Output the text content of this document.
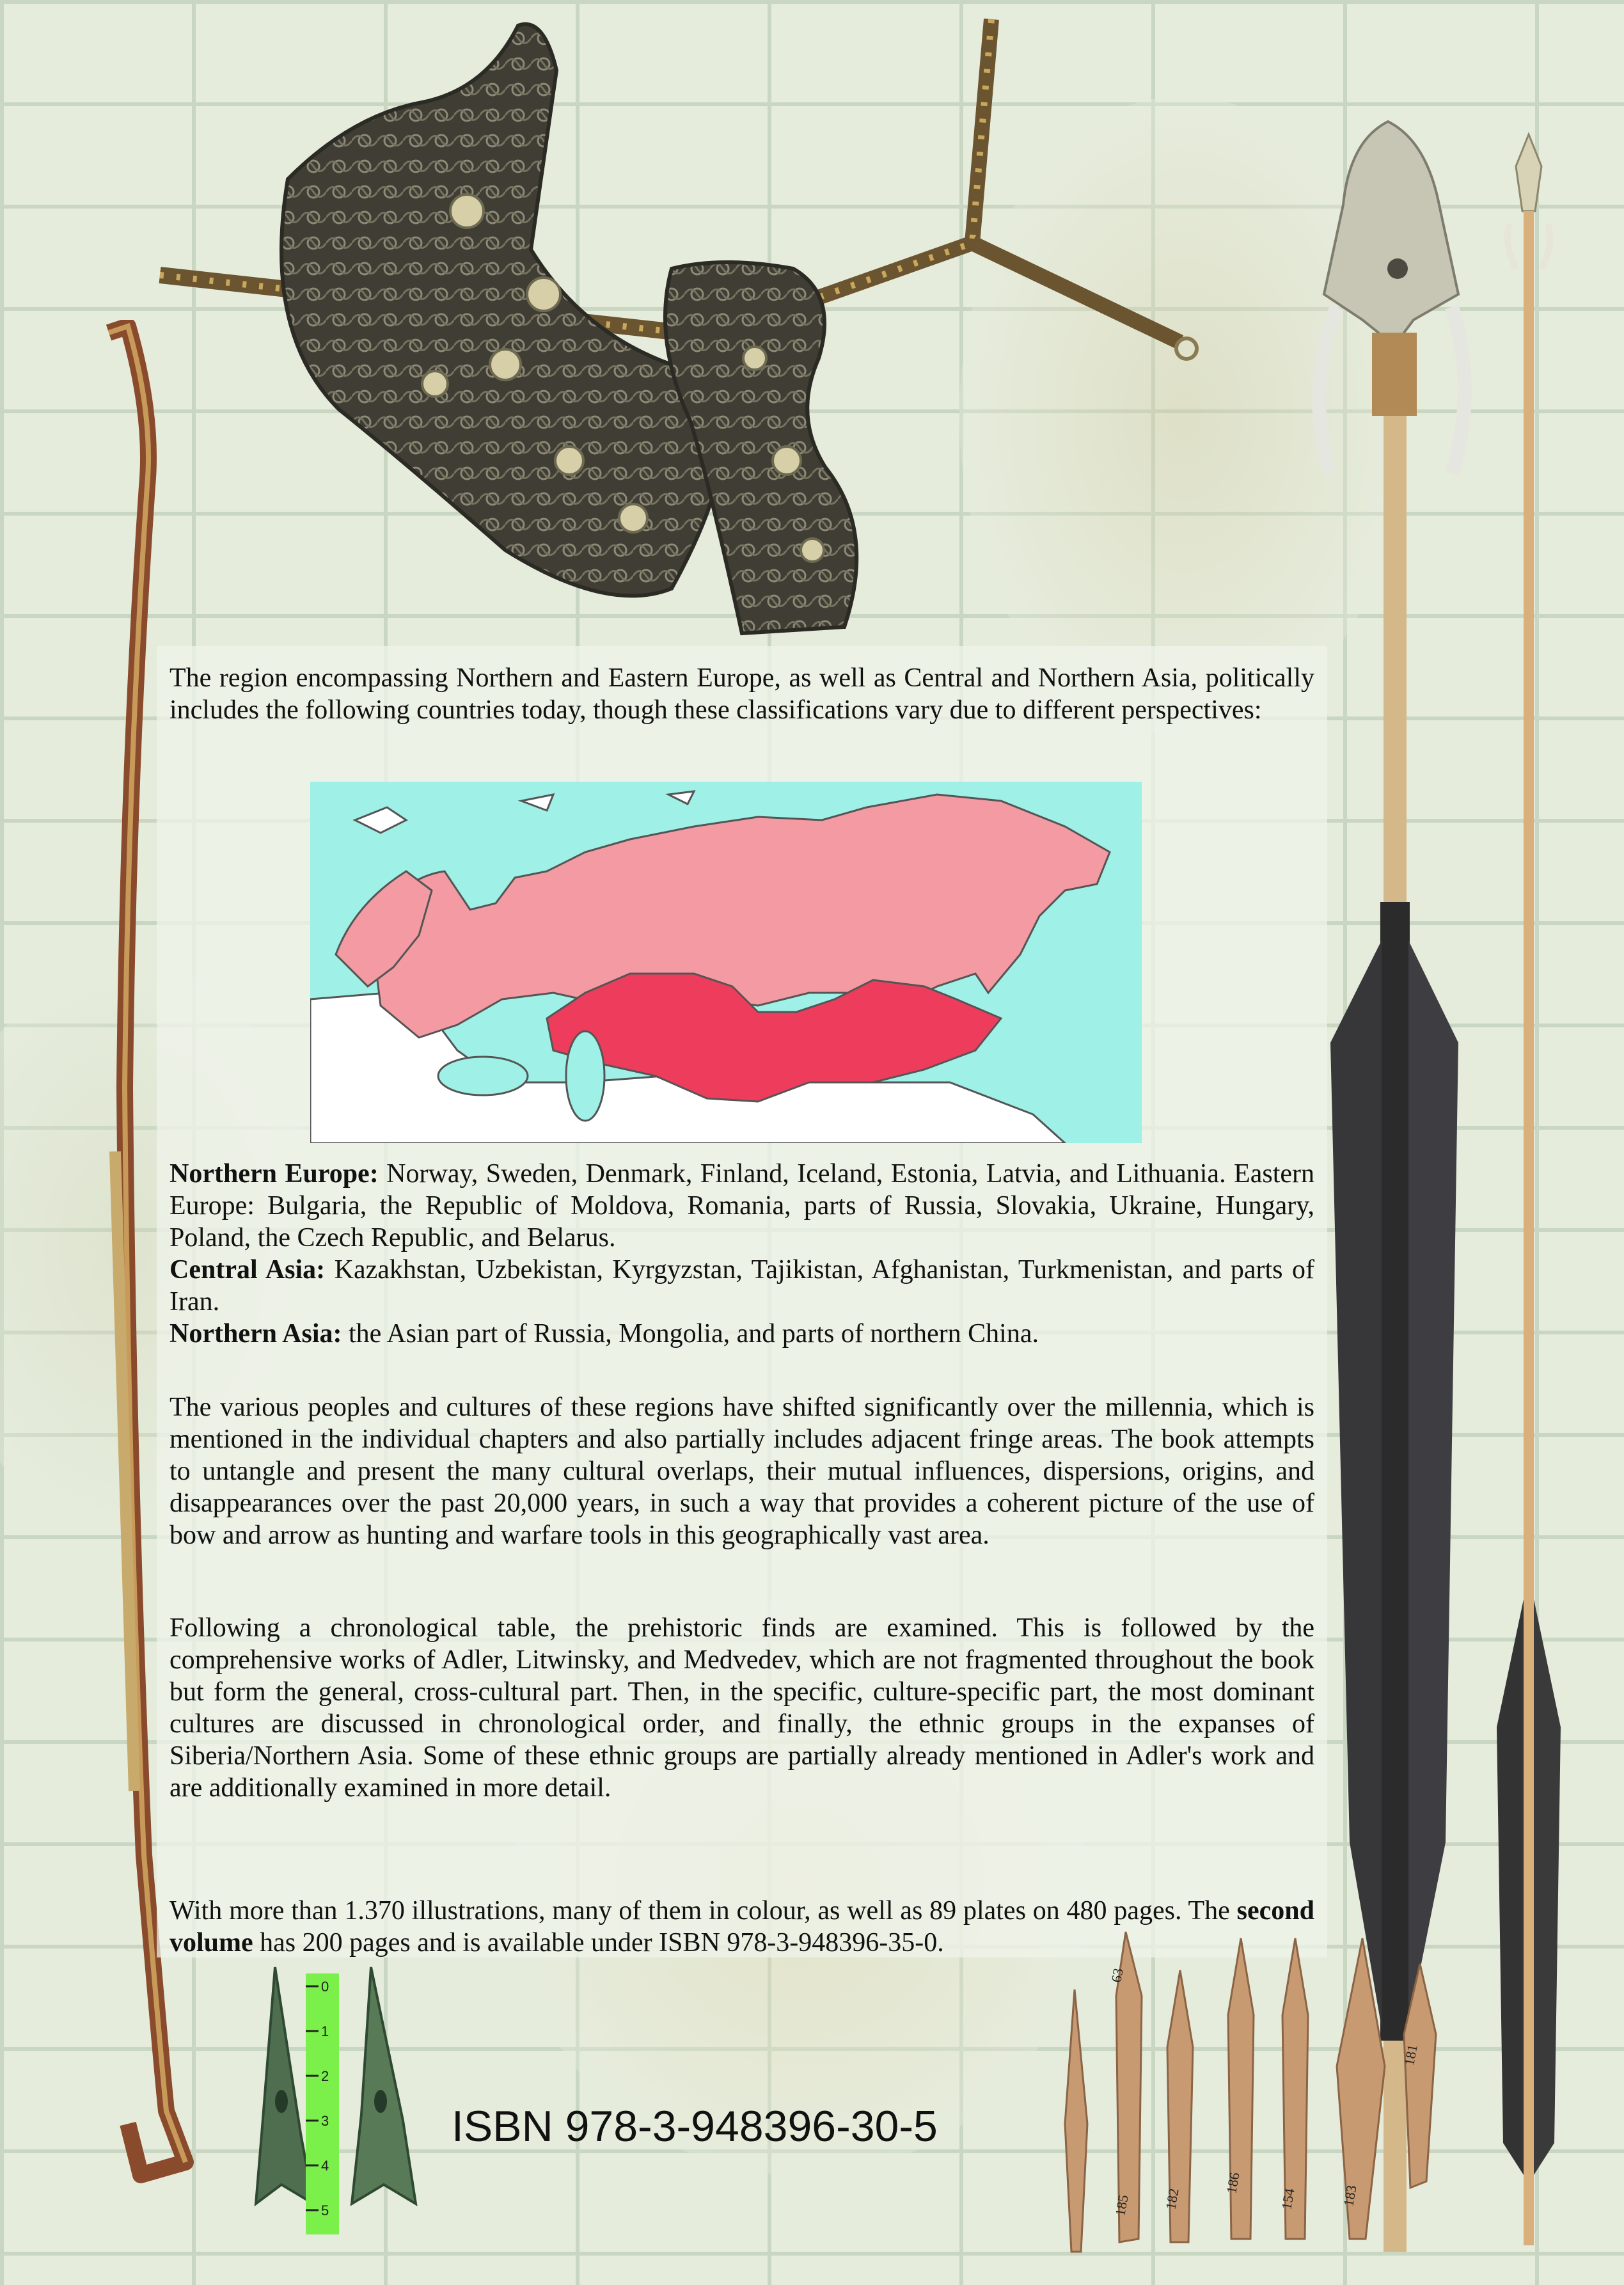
The region encompassing Northern and Eastern Europe, as well as Central and Northern Asia, politically includes the following countries today, though these classifications vary due to different perspectives:

Northern Europe: Norway, Sweden, Denmark, Finland, Iceland, Estonia, Latvia, and Lithuania. Eastern Europe: Bulgaria, the Republic of Moldova, Romania, parts of Russia, Slovakia, Ukraine, Hungary, Poland, the Czech Republic, and Belarus.

Central Asia: Kazakhstan, Uzbekistan, Kyrgyzstan, Tajikistan, Afghanistan, Turkmenistan, and parts of Iran.

Northern Asia: the Asian part of Russia, Mongolia, and parts of northern China.

The various peoples and cultures of these regions have shifted significantly over the millennia, which is mentioned in the individual chapters and also partially includes adjacent fringe areas. The book attempts to untangle and present the many cultural overlaps, their mutual influences, dispersions, origins, and disappearances over the past 20,000 years, in such a way that provides a coherent picture of the use of bow and arrow as hunting and warfare tools in this geographically vast area.

Following a chronological table, the prehistoric finds are examined. This is followed by the comprehensive works of Adler, Litwinsky, and Medvedev, which are not fragmented throughout the book but form the general, cross-cultural part. Then, in the specific, culture-specific part, the most dominant cultures are discussed in chronological order, and finally, the ethnic groups in the expanses of Siberia/Northern Asia. Some of these ethnic groups are partially already mentioned in Adler's work and are additionally examined in more detail.

With more than 1.370 illustrations, many of them in colour, as well as 89 plates on 480 pages. The second volume has 200 pages and is available under ISBN 978-3-948396-35-0.

0
1
2
3
4
5
63
185 182
186
154	183
181
ISBN 978-3-948396-30-5
